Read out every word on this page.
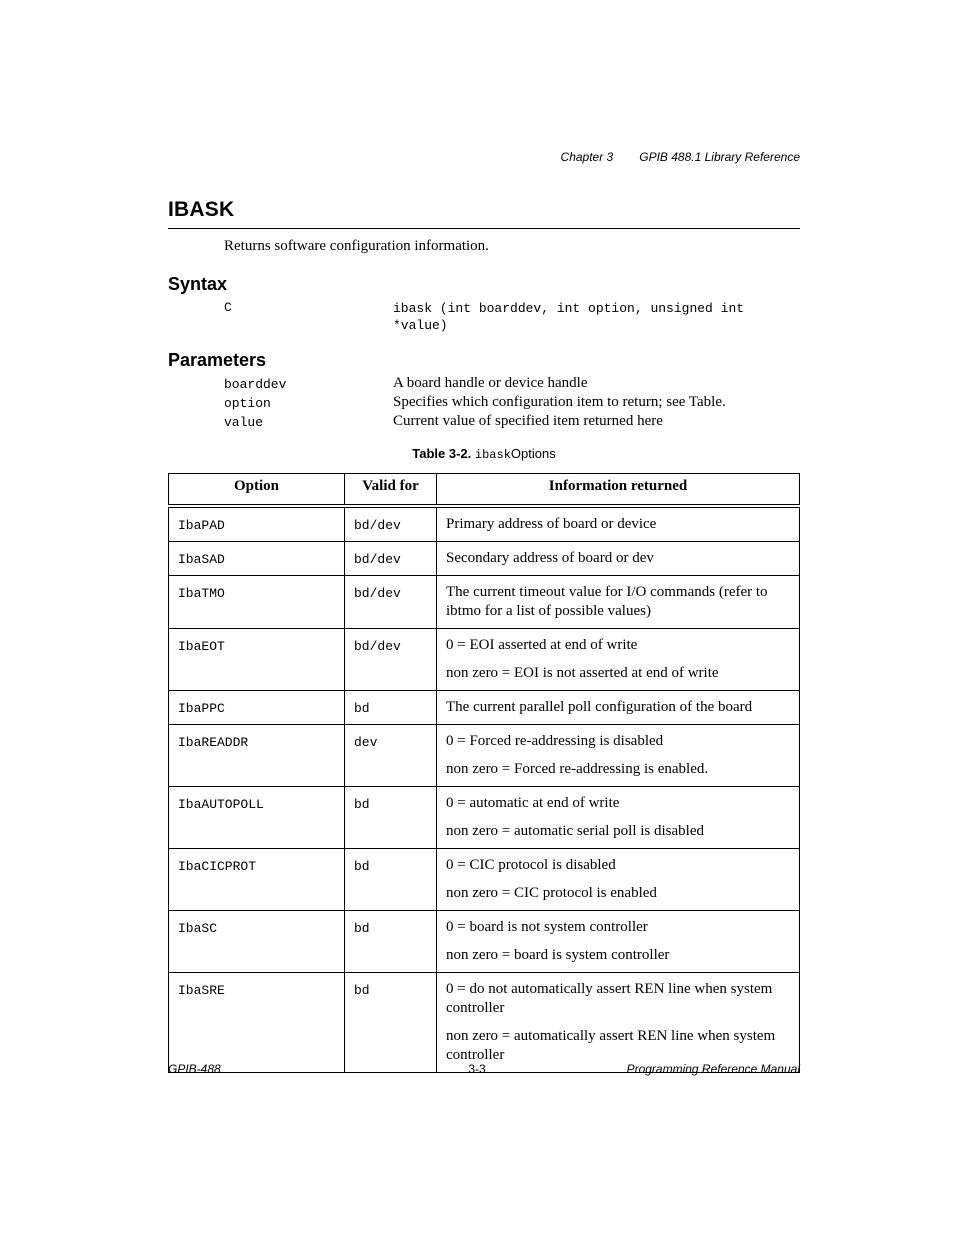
Chapter 3 GPIB 488.1 Library Reference
IBASK
Returns software configuration information.
Syntax
C	ibask (int boarddev, int option, unsigned int
*value)
Parameters
boarddev	A board handle or device handle
option	Specifies which configuration item to return; see Table.
value	Current value of specified item returned here
Table 3-2. ibaskOptions
Option	Valid for	Information returned
IbaPAD	bd/dev	Primary address of board or device

IbaSAD	bd/dev	Secondary address of board or dev

IbaTMO	bd/dev	The current timeout value for I/O commands (refer to ibtmo for a list of possible values)

IbaEOT	bd/dev	0 = EOI asserted at end of write
non zero = EOI is not asserted at end of write

IbaPPC	bd	The current parallel poll configuration of the board

IbaREADDR	dev	0 = Forced re-addressing is disabled
non zero = Forced re-addressing is enabled.

IbaAUTOPOLL	bd	0 = automatic at end of write
non zero = automatic serial poll is disabled

IbaCICPROT	bd	0 = CIC protocol is disabled
non zero = CIC protocol is enabled

IbaSC	bd	0 = board is not system controller
non zero = board is system controller

IbaSRE	bd	0 = do not automatically assert REN line when system controller
non zero = automatically assert REN line when system controller
GPIB-488	3-3	Programming Reference Manual
